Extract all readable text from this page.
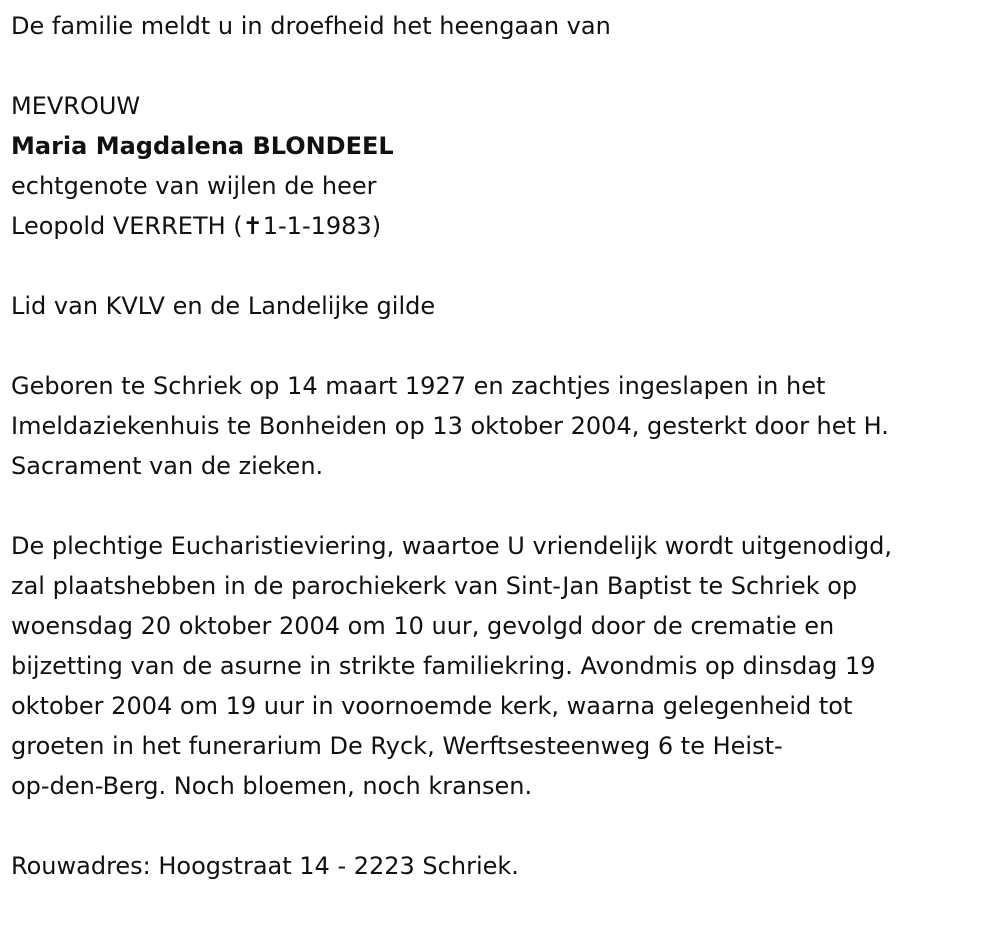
De familie meldt u in droefheid het heengaan van
MEVROUW
Maria Magdalena BLONDEEL
echtgenote van wijlen de heer
Leopold VERRETH (✝1-1-1983)
Lid van KVLV en de Landelijke gilde
Geboren te Schriek op 14 maart 1927 en zachtjes ingeslapen in het
Imeldaziekenhuis te Bonheiden op 13 oktober 2004, gesterkt door het H.
Sacrament van de zieken.
De plechtige Eucharistieviering, waartoe U vriendelijk wordt uitgenodigd,
zal plaatshebben in de parochiekerk van Sint-Jan Baptist te Schriek op
woensdag 20 oktober 2004 om 10 uur, gevolgd door de crematie en
bijzetting van de asurne in strikte familiekring. Avondmis op dinsdag 19
oktober 2004 om 19 uur in voornoemde kerk, waarna gelegenheid tot
groeten in het funerarium De Ryck, Werftsesteenweg 6 te Heist-
op-den-Berg. Noch bloemen, noch kransen.
Rouwadres: Hoogstraat 14 - 2223 Schriek.
